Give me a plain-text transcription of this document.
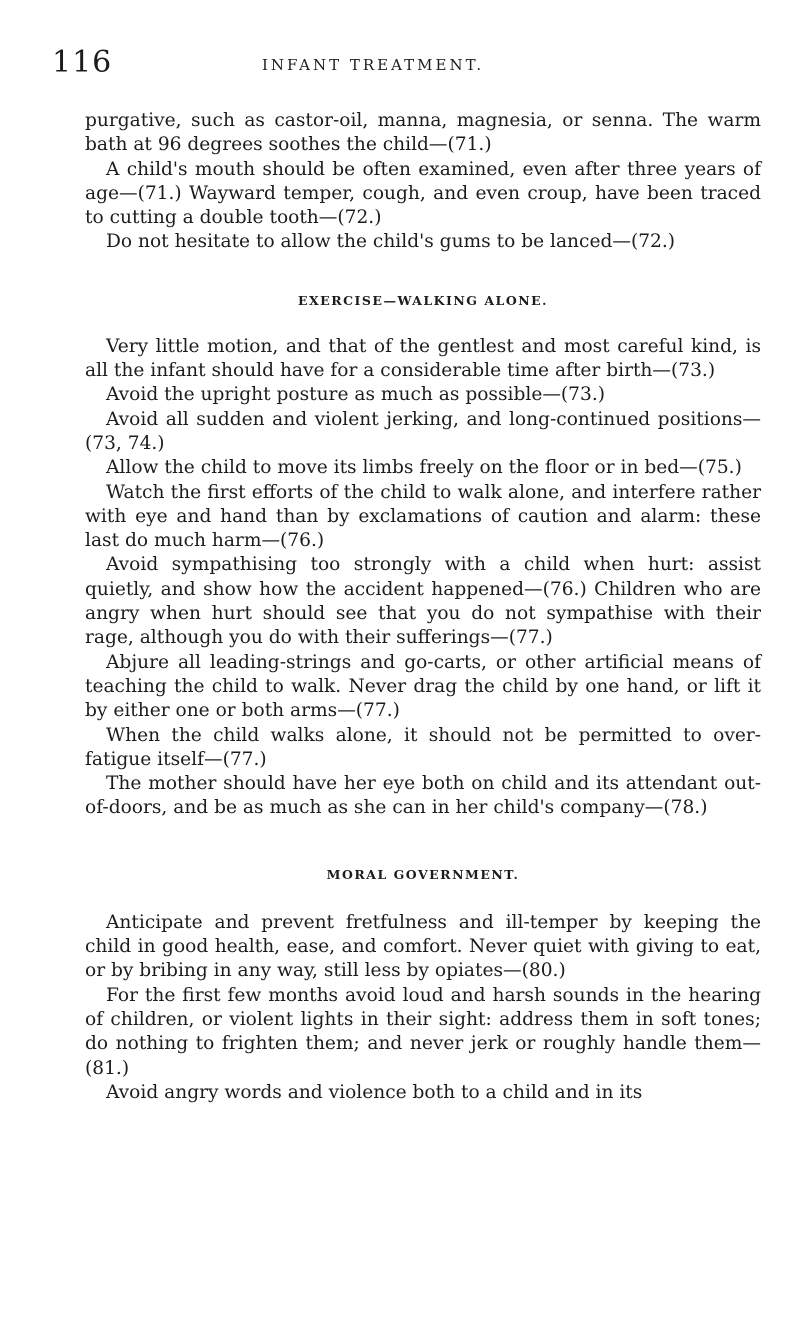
116	INFANT TREATMENT.

purgative, such as castor-oil, manna, magnesia, or senna. The warm bath at 96 degrees soothes the child—(71.)

A child's mouth should be often examined, even after three years of age—(71.) Wayward temper, cough, and even croup, have been traced to cutting a double tooth—(72.)

Do not hesitate to allow the child's gums to be lanced—(72.)

EXERCISE—WALKING ALONE.

Very little motion, and that of the gentlest and most careful kind, is all the infant should have for a considerable time after birth—(73.)

Avoid the upright posture as much as possible—(73.)

Avoid all sudden and violent jerking, and long-continued positions—(73, 74.)

Allow the child to move its limbs freely on the floor or in bed—(75.)

Watch the first efforts of the child to walk alone, and interfere rather with eye and hand than by exclamations of caution and alarm: these last do much harm—(76.)

Avoid sympathising too strongly with a child when hurt: assist quietly, and show how the accident happened—(76.) Children who are angry when hurt should see that you do not sympathise with their rage, although you do with their sufferings—(77.)

Abjure all leading-strings and go-carts, or other artificial means of teaching the child to walk. Never drag the child by one hand, or lift it by either one or both arms—(77.)

When the child walks alone, it should not be permitted to over-fatigue itself—(77.)

The mother should have her eye both on child and its attendant out-of-doors, and be as much as she can in her child's company—(78.)

MORAL GOVERNMENT.

Anticipate and prevent fretfulness and ill-temper by keeping the child in good health, ease, and comfort. Never quiet with giving to eat, or by bribing in any way, still less by opiates—(80.)

For the first few months avoid loud and harsh sounds in the hearing of children, or violent lights in their sight: address them in soft tones; do nothing to frighten them; and never jerk or roughly handle them—(81.)

Avoid angry words and violence both to a child and in its
